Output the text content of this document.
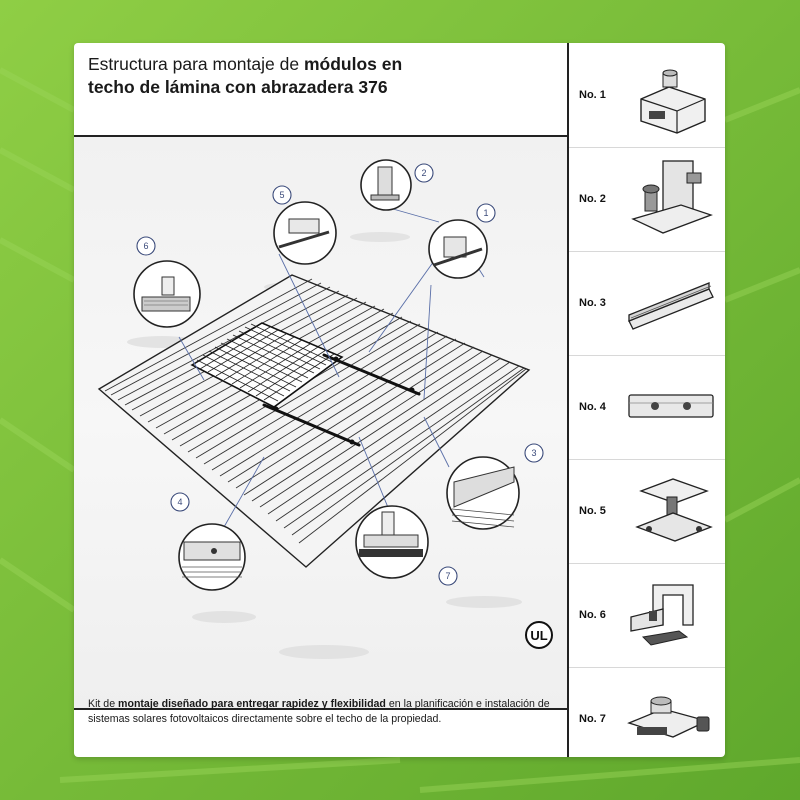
Estructura para montaje de módulos en
techo de lámina con abrazadera 376
1
2
3
4
5
6
7
UL

Kit de montaje diseñado para entregar rapidez y flexibilidad en la planificación e instalación de sistemas solares fotovoltaicos directamente sobre el techo de la propiedad.

No. 1
No. 2
No. 3
No. 4
No. 5
No. 6
No. 7
